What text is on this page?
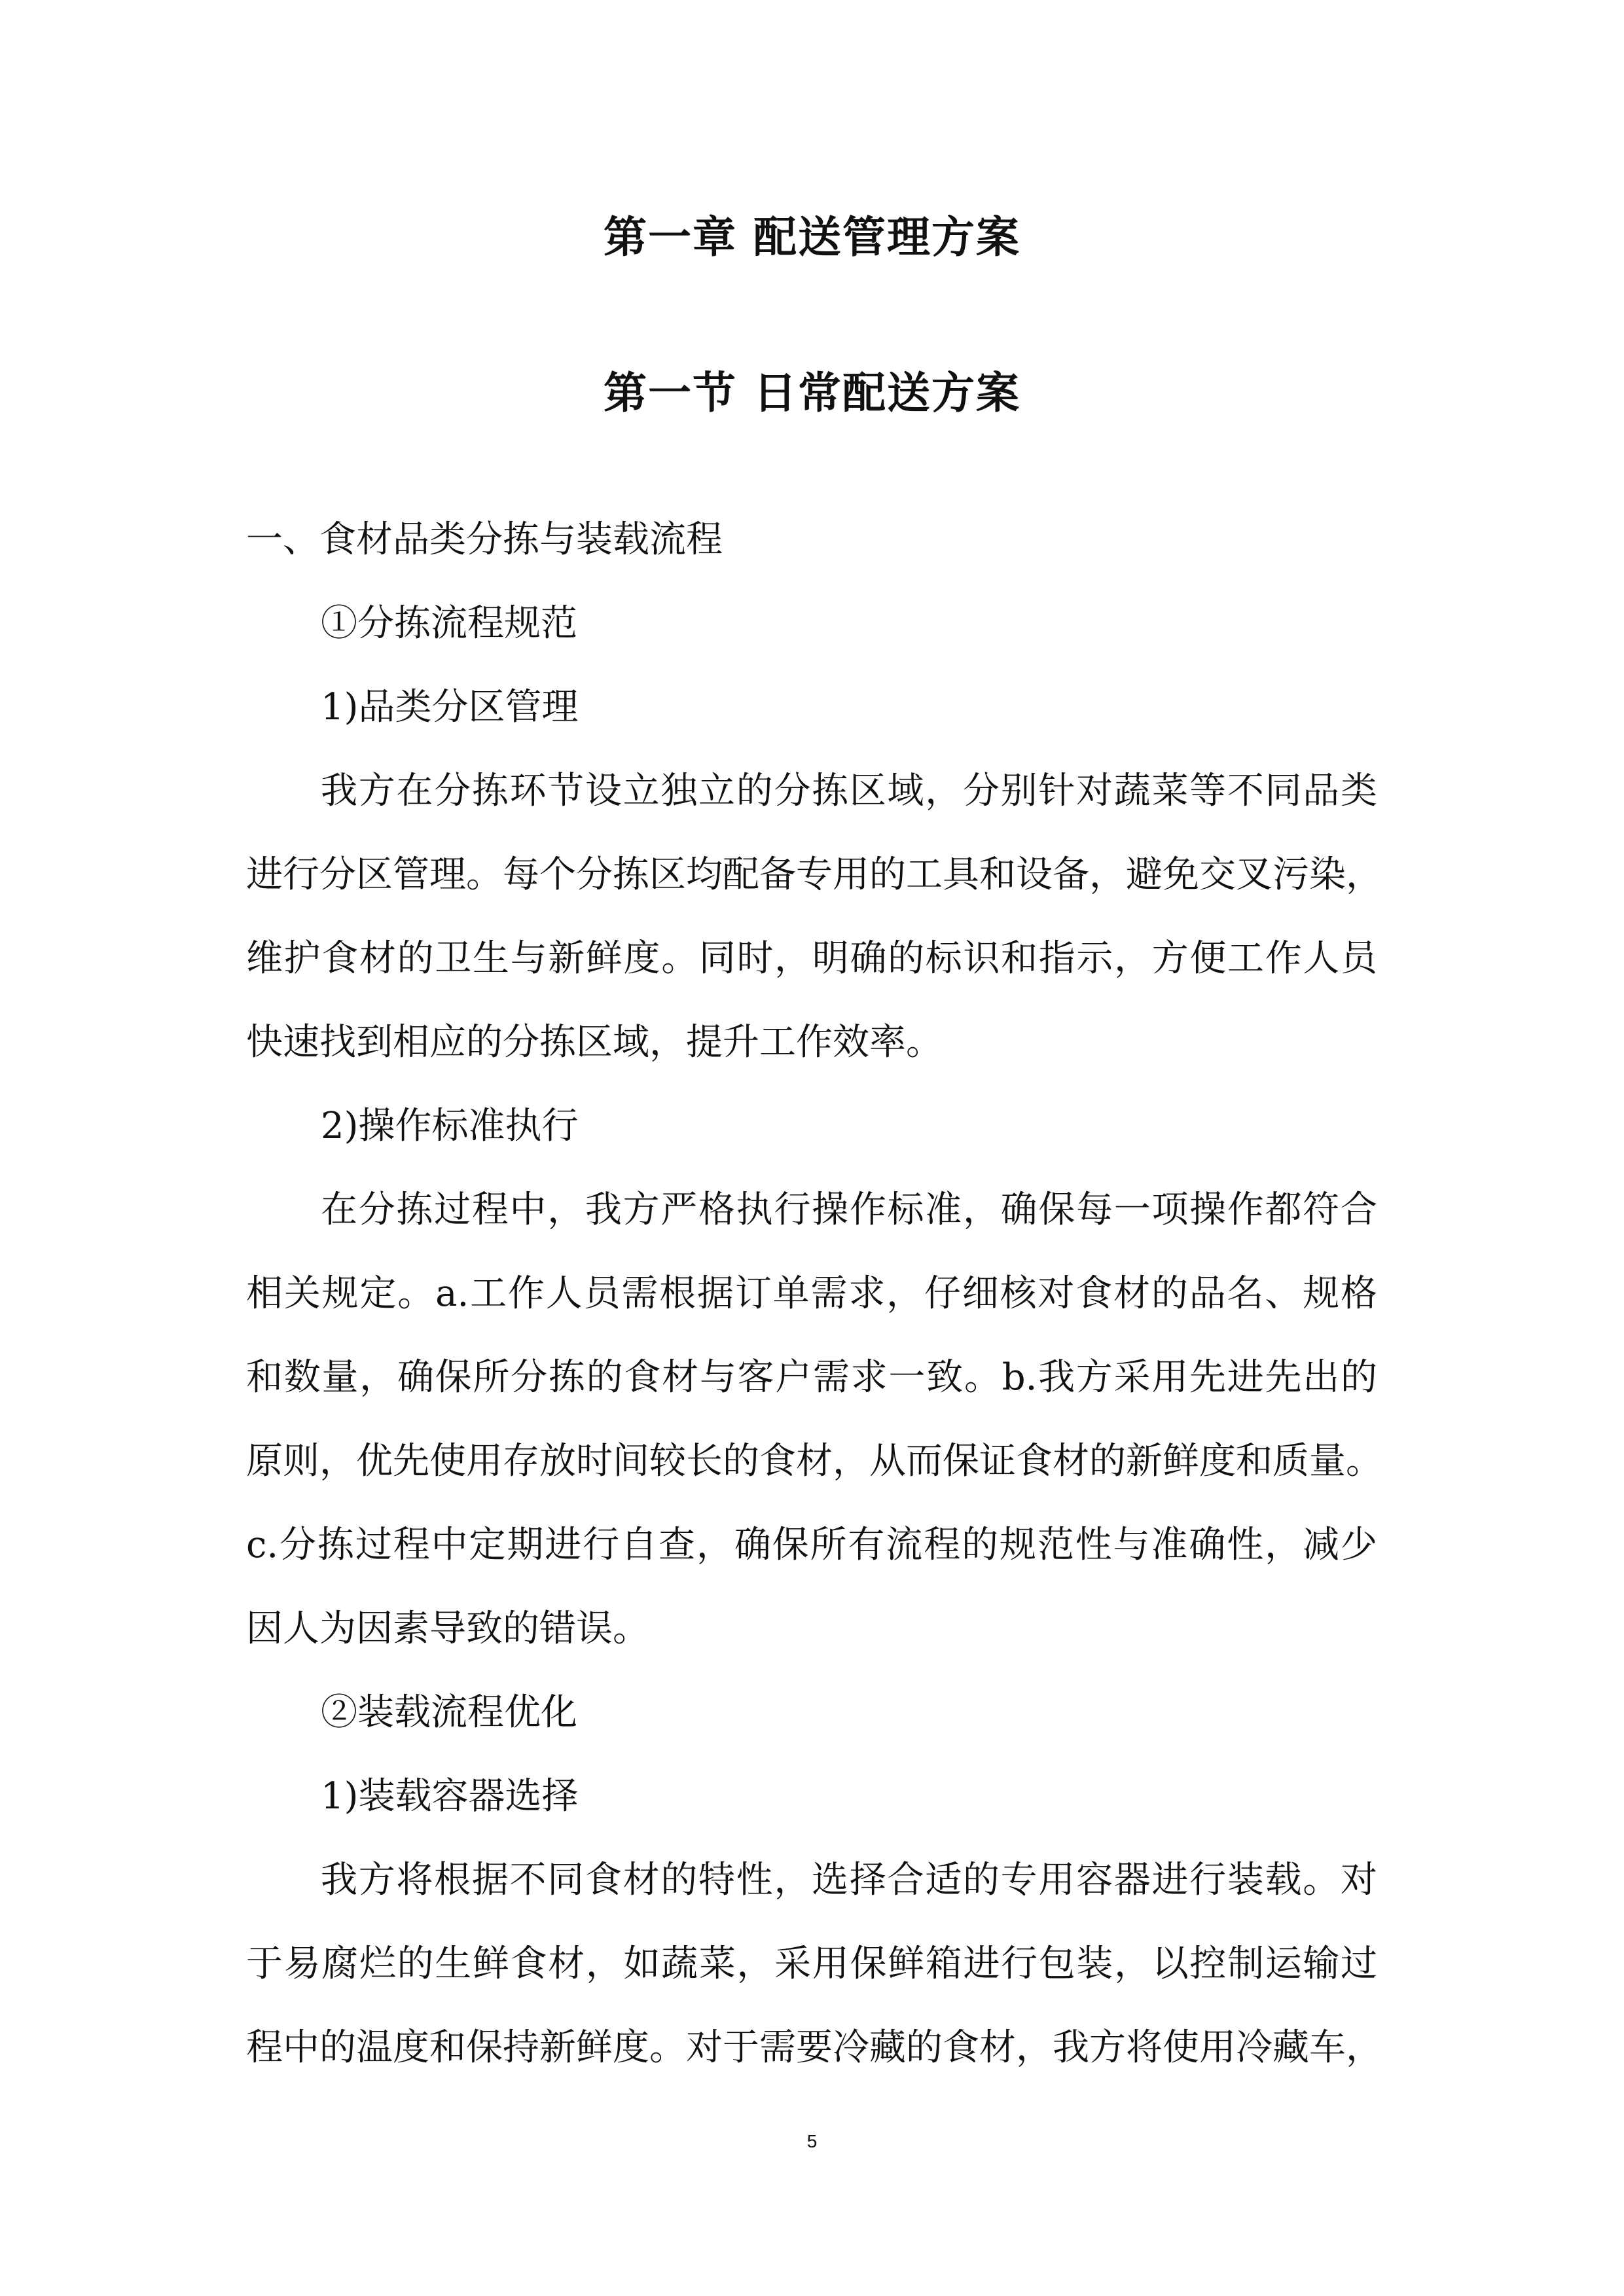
第一章 配送管理方案
第一节 日常配送方案

一、食材品类分拣与装载流程

①分拣流程规范

1)品类分区管理

我方在分拣环节设立独立的分拣区域，分别针对蔬菜等不同品类

进行分区管理。每个分拣区均配备专用的工具和设备，避免交叉污染，

维护食材的卫生与新鲜度。同时，明确的标识和指示，方便工作人员

快速找到相应的分拣区域，提升工作效率。

2)操作标准执行

在分拣过程中，我方严格执行操作标准，确保每一项操作都符合

相关规定。a.工作人员需根据订单需求，仔细核对食材的品名、规格

和数量，确保所分拣的食材与客户需求一致。b.我方采用先进先出的

原则，优先使用存放时间较长的食材，从而保证食材的新鲜度和质量。

c.分拣过程中定期进行自查，确保所有流程的规范性与准确性，减少

因人为因素导致的错误。

②装载流程优化

1)装载容器选择

我方将根据不同食材的特性，选择合适的专用容器进行装载。对

于易腐烂的生鲜食材，如蔬菜，采用保鲜箱进行包装，以控制运输过

程中的温度和保持新鲜度。对于需要冷藏的食材，我方将使用冷藏车，

5
